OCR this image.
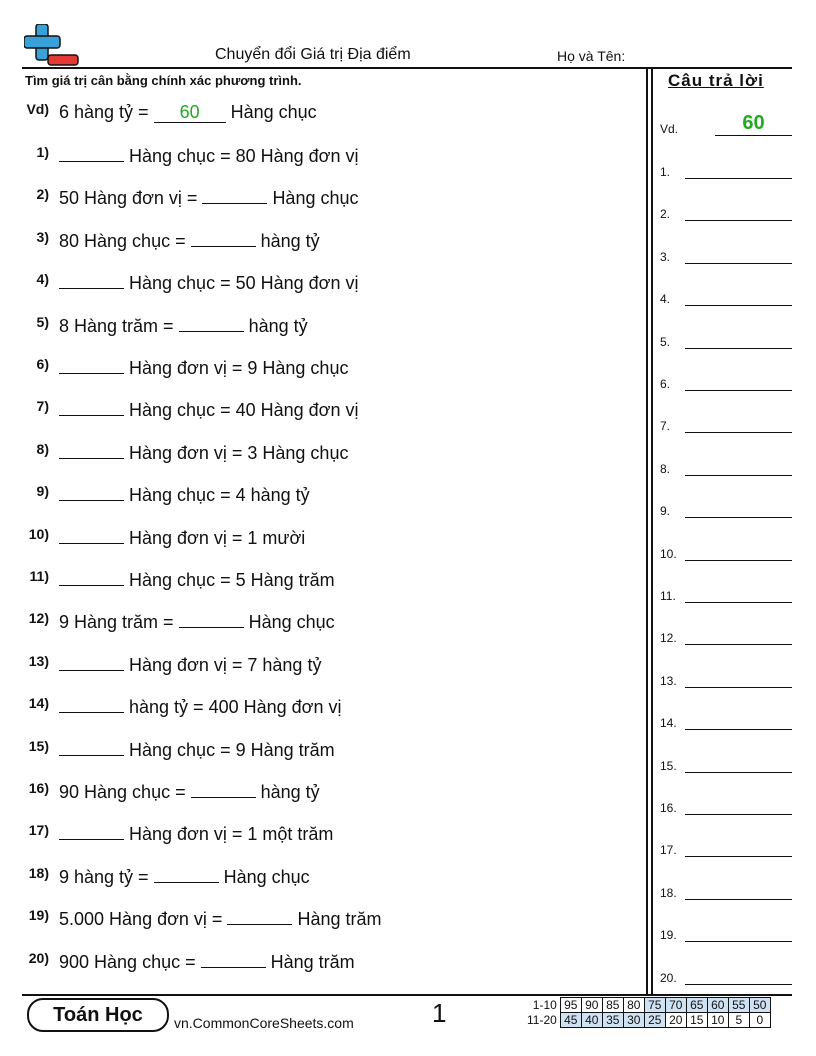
Chuyển đổi Giá trị Địa điểm	Họ và Tên:
Tìm giá trị cân bằng chính xác phương trình.	Câu trả lời
Vd) 6 hàng tỷ = 60 Hàng chục
1)	Hàng chục = 80 Hàng đơn vị
2) 50 Hàng đơn vị =	Hàng chục
3) 80 Hàng chục =	hàng tỷ
4)	Hàng chục = 50 Hàng đơn vị
5) 8 Hàng trăm =	hàng tỷ
6)	Hàng đơn vị = 9 Hàng chục
7)	Hàng chục = 40 Hàng đơn vị
8)	Hàng đơn vị = 3 Hàng chục
9)	Hàng chục = 4 hàng tỷ
10)	Hàng đơn vị = 1 mười
11)	Hàng chục = 5 Hàng trăm
12) 9 Hàng trăm =	Hàng chục
13)	Hàng đơn vị = 7 hàng tỷ
14)	hàng tỷ = 400 Hàng đơn vị
15)	Hàng chục = 9 Hàng trăm
16) 90 Hàng chục =	hàng tỷ
17)	Hàng đơn vị = 1 một trăm
18) 9 hàng tỷ =	Hàng chục
19) 5.000 Hàng đơn vị =	Hàng trăm
20) 900 Hàng chục =	Hàng trăm
Vd.	60
1.
2.
3.
4.
5.
6.
7.
8.
9.
10.
11.
12.
13.
14.
15.
16.
17.
18.
19.
20.
Toán Học	vn.CommonCoreSheets.com	1	1-10	95	90	85	80	75	70	65	60	55	50
11-20	45	40	35	30	25	20	15	10	5	0
